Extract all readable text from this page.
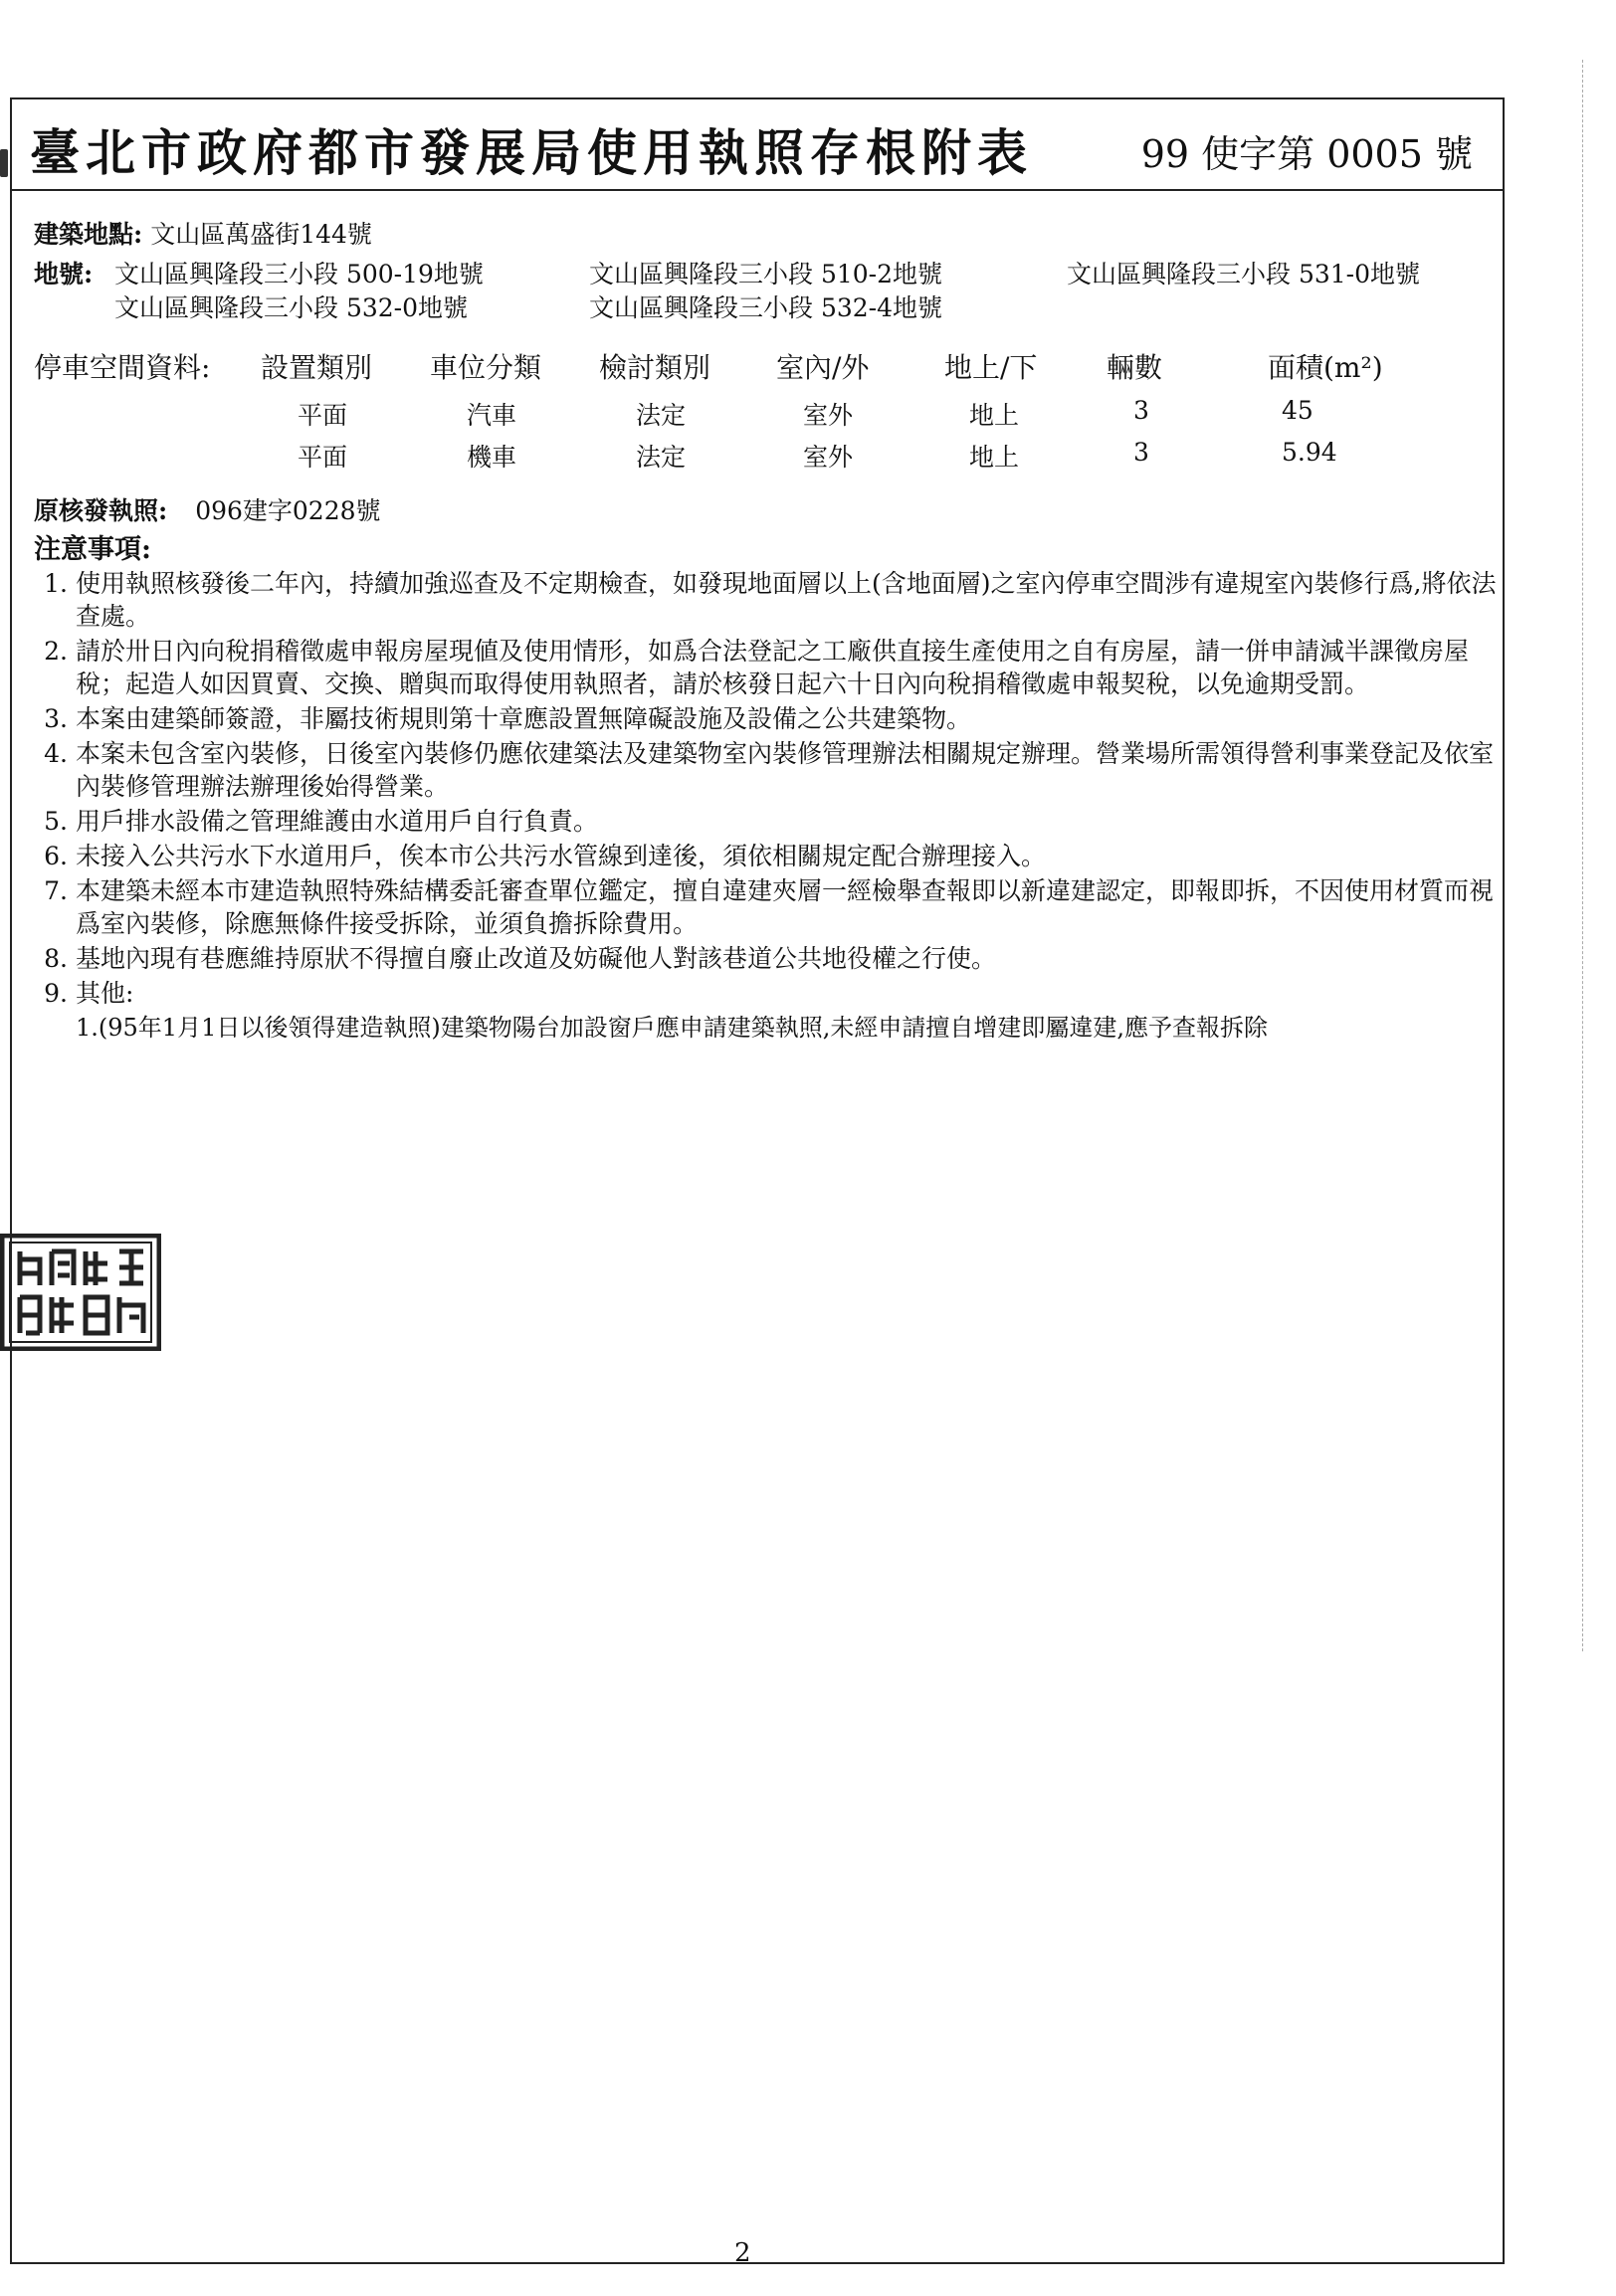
臺北市政府都市發展局使用執照存根附表	99 使字第 0005 號
建築地點: 文山區萬盛街144號
地號: 文山區興隆段三小段 500-19地號	文山區興隆段三小段 510-2地號	文山區興隆段三小段 531-0地號
文山區興隆段三小段 532-0地號	文山區興隆段三小段 532-4地號
停車空間資料: 設置類別 車位分類 檢討類別 室內/外	地上/下 輛數	面積(m²)
平面	汽車	法定	室外	地上	3	45
平面	機車	法定	室外	地上	3	5.94
原核發執照: 096建字0228號
注意事項:
1. 使用執照核發後二年內，持續加強巡查及不定期檢查，如發現地面層以上(含地面層)之室內停車空間涉有違規室內裝修行爲,將依法查處。
2. 請於卅日內向稅捐稽徵處申報房屋現値及使用情形，如爲合法登記之工廠供直接生產使用之自有房屋，請一併申請減半課徵房屋稅；起造人如因買賣、交換、贈與而取得使用執照者，請於核發日起六十日內向稅捐稽徵處申報契稅，以免逾期受罰。
3. 本案由建築師簽證，非屬技術規則第十章應設置無障礙設施及設備之公共建築物。
4. 本案未包含室內裝修，日後室內裝修仍應依建築法及建築物室內裝修管理辦法相關規定辦理。營業場所需領得營利事業登記及依室內裝修管理辦法辦理後始得營業。
5. 用戶排水設備之管理維護由水道用戶自行負責。
6. 未接入公共污水下水道用戶，俟本市公共污水管線到達後，須依相關規定配合辦理接入。
7. 本建築未經本市建造執照特殊結構委託審查單位鑑定，擅自違建夾層一經檢舉查報即以新違建認定，即報即拆，不因使用材質而視爲室內裝修，除應無條件接受拆除，並須負擔拆除費用。
8. 基地內現有巷應維持原狀不得擅自廢止改道及妨礙他人對該巷道公共地役權之行使。
9. 其他:
1.(95年1月1日以後領得建造執照)建築物陽台加設窗戶應申請建築執照,未經申請擅自增建即屬違建,應予查報拆除
2
